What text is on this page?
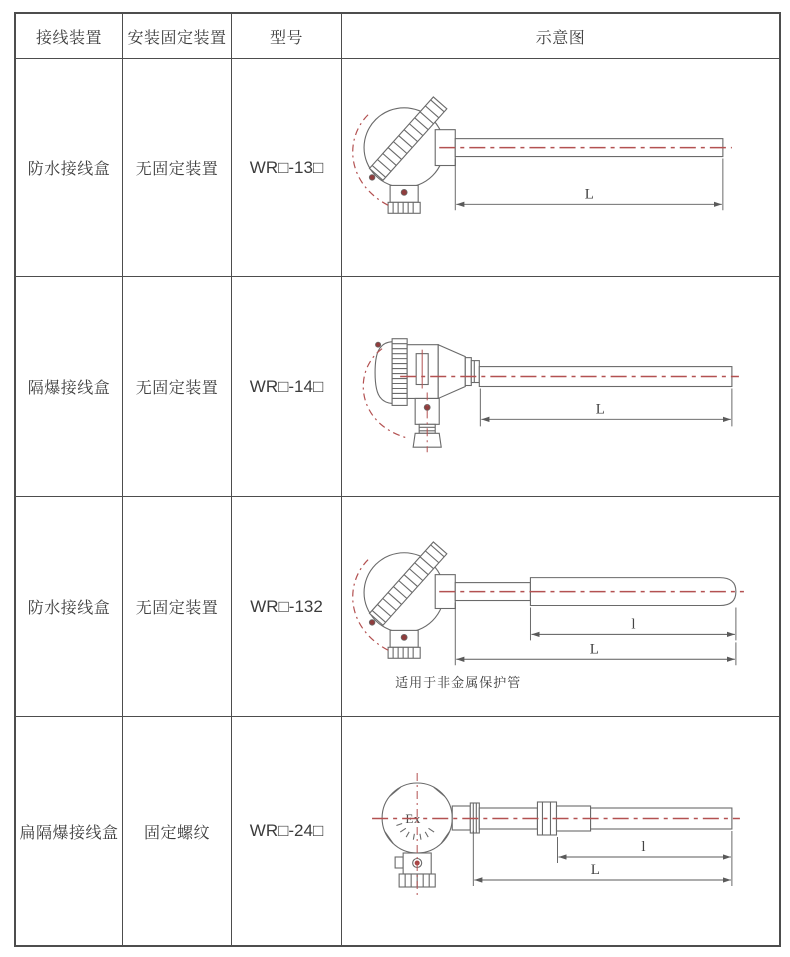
接线装置	安装固定装置	型号	示意图
防水接线盒	无固定装置	WR□-13□
L
隔爆接线盒	无固定装置	WR□-14□
L
防水接线盒	无固定装置	WR□-132
l
L
适用于非金属保护管
扁隔爆接线盒	固定螺纹	WR□-24□
Ex
l
L
